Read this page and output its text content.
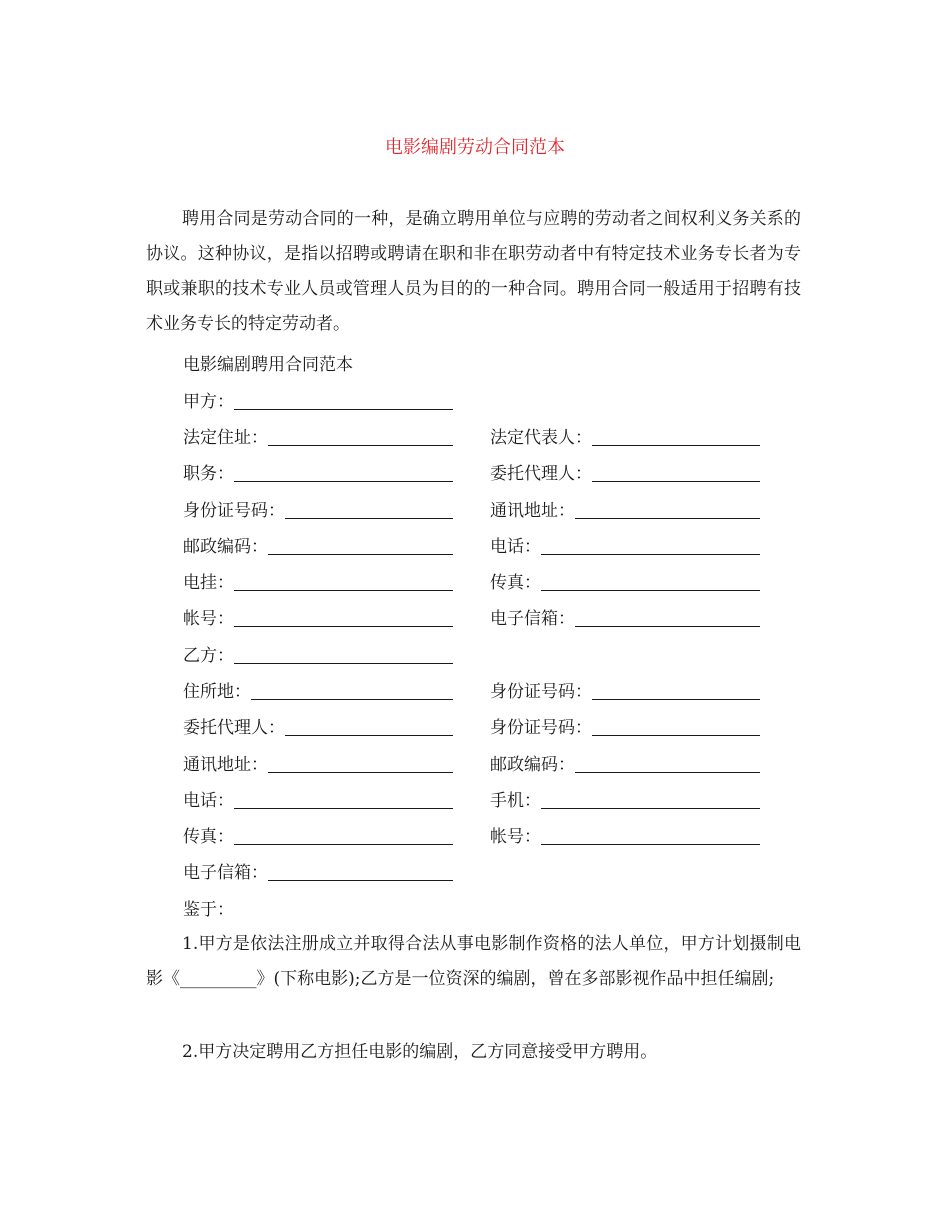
电影编剧劳动合同范本

聘用合同是劳动合同的一种，是确立聘用单位与应聘的劳动者之间权利义务关系的协议。这种协议，是指以招聘或聘请在职和非在职劳动者中有特定技术业务专长者为专职或兼职的技术专业人员或管理人员为目的的一种合同。聘用合同一般适用于招聘有技术业务专长的特定劳动者。

电影编剧聘用合同范本
甲方：
法定住址：	法定代表人：
职务：	委托代理人：
身份证号码：	通讯地址：
邮政编码：	电话：
电挂：	传真：
帐号：	电子信箱：
乙方：
住所地：	身份证号码：
委托代理人：	身份证号码：
通讯地址：	邮政编码：
电话：	手机：
传真：	帐号：
电子信箱：
鉴于：

1.甲方是依法注册成立并取得合法从事电影制作资格的法人单位，甲方计划摄制电影《_________》(下称电影);乙方是一位资深的编剧，曾在多部影视作品中担任编剧;

2.甲方决定聘用乙方担任电影的编剧，乙方同意接受甲方聘用。
